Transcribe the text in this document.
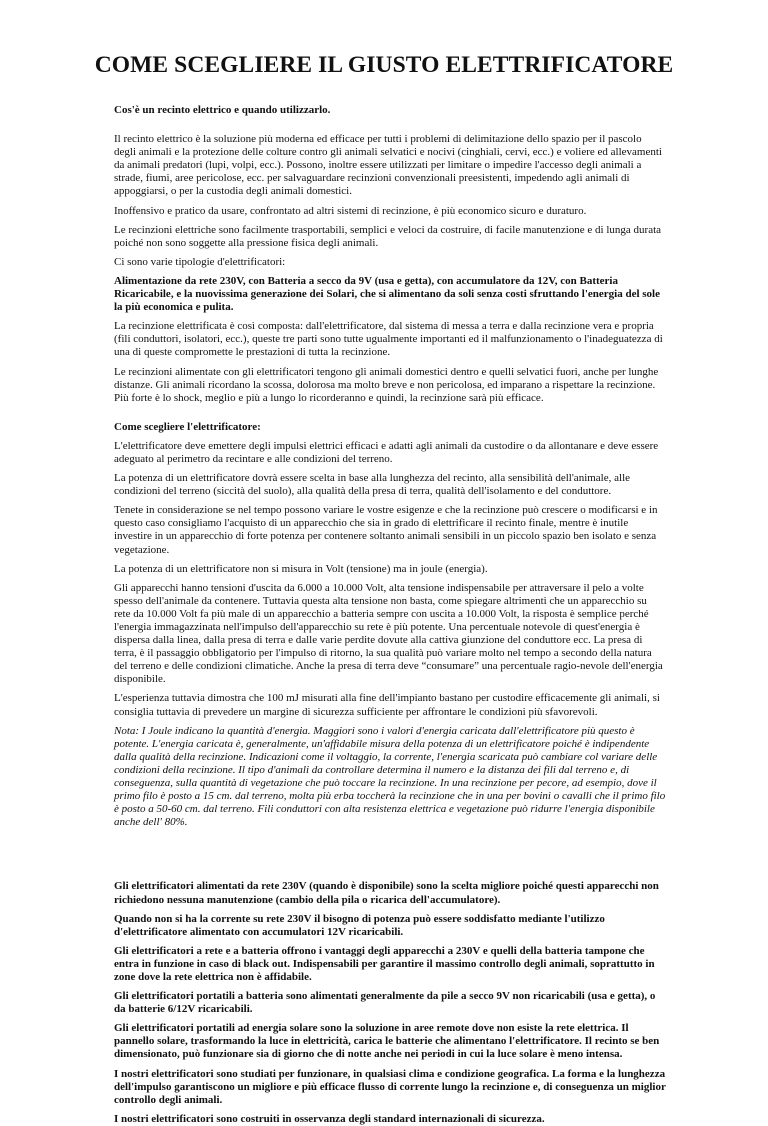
COME SCEGLIERE IL GIUSTO ELETTRIFICATORE

Cos'è un recinto elettrico e quando utilizzarlo.

Il recinto elettrico è la soluzione più moderna ed efficace per tutti i problemi di delimitazione dello spazio per il pascolo degli animali e la protezione delle colture contro gli animali selvatici e nocivi (cinghiali, cervi, ecc.) e voliere ed allevamenti da animali predatori (lupi, volpi, ecc.). Possono, inoltre essere utilizzati per limitare o impedire l'accesso degli animali a strade, fiumi, aree pericolose, ecc. per salvaguardare recinzioni convenzionali preesistenti, impedendo agli animali di appoggiarsi, o per la custodia degli animali domestici.

Inoffensivo e pratico da usare, confrontato ad altri sistemi di recinzione, è più economico sicuro e duraturo.

Le recinzioni elettriche sono facilmente trasportabili, semplici e veloci da costruire, di facile manutenzione e di lunga durata poiché non sono soggette alla pressione fisica degli animali.

Ci sono varie tipologie d'elettrificatori:

Alimentazione da rete 230V, con Batteria a secco da 9V (usa e getta), con accumulatore da 12V, con Batteria Ricaricabile, e la nuovissima generazione dei Solari, che si alimentano da soli senza costi sfruttando l'energia del sole la più economica e pulita.

La recinzione elettrificata è così composta: dall'elettrificatore, dal sistema di messa a terra e dalla recinzione vera e propria (fili conduttori, isolatori, ecc.), queste tre parti sono tutte ugualmente importanti ed il malfunzionamento o l'inadeguatezza di una di queste compromette le prestazioni di tutta la recinzione.

Le recinzioni alimentate con gli elettrificatori tengono gli animali domestici dentro e quelli selvatici fuori, anche per lunghe distanze. Gli animali ricordano la scossa, dolorosa ma molto breve e non pericolosa, ed imparano a rispettare la recinzione. Più forte è lo shock, meglio e più a lungo lo ricorderanno e quindi, la recinzione sarà più efficace.

Come scegliere l'elettrificatore:

L'elettrificatore deve emettere degli impulsi elettrici efficaci e adatti agli animali da custodire o da allontanare e deve essere adeguato al perimetro da recintare e alle condizioni del terreno.

La potenza di un elettrificatore dovrà essere scelta in base alla lunghezza del recinto, alla sensibilità dell'animale, alle condizioni del terreno (siccità del suolo), alla qualità della presa di terra, qualità dell'isolamento e del conduttore.

Tenete in considerazione se nel tempo possono variare le vostre esigenze e che la recinzione può crescere o modificarsi e in questo caso consigliamo l'acquisto di un apparecchio che sia in grado di elettrificare il recinto finale, mentre è inutile investire in un apparecchio di forte potenza per contenere soltanto animali sensibili in un piccolo spazio ben isolato e senza vegetazione.

La potenza di un elettrificatore non si misura in Volt (tensione) ma in joule (energia).

Gli apparecchi hanno tensioni d'uscita da 6.000 a 10.000 Volt, alta tensione indispensabile per attraversare il pelo a volte spesso dell'animale da contenere. Tuttavia questa alta tensione non basta, come spiegare altrimenti che un apparecchio su rete da 10.000 Volt fa più male di un apparecchio a batteria sempre con uscita a 10.000 Volt, la risposta è semplice perché l'energia immagazzinata nell'impulso dell'apparecchio su rete è più potente. Una percentuale notevole di quest'energia è dispersa dalla linea, dalla presa di terra e dalle varie perdite dovute alla cattiva giunzione del conduttore ecc. La presa di terra, è il passaggio obbligatorio per l'impulso di ritorno, la sua qualità può variare molto nel tempo a secondo della natura del terreno e delle condizioni climatiche. Anche la presa di terra deve “consumare” una percentuale ragio-nevole dell'energia disponibile.

L'esperienza tuttavia dimostra che 100 mJ misurati alla fine dell'impianto bastano per custodire efficacemente gli animali, si consiglia tuttavia di prevedere un margine di sicurezza sufficiente per affrontare le condizioni più sfavorevoli.

Nota: I Joule indicano la quantità d'energia. Maggiori sono i valori d'energia caricata dall'elettrificatore più questo è potente. L'energia caricata è, generalmente, un'affidabile misura della potenza di un elettrificatore poiché è indipendente dalla qualità della recinzione. Indicazioni come il voltaggio, la corrente, l'energia scaricata può cambiare col variare delle condizioni della recinzione. Il tipo d'animali da controllare determina il numero e la distanza dei fili dal terreno e, di conseguenza, sulla quantità di vegetazione che può toccare la recinzione. In una recinzione per pecore, ad esempio, dove il primo filo è posto a 15 cm. dal terreno, molta più erba toccherà la recinzione che in una per bovini o cavalli che il primo filo è posto a 50-60 cm. dal terreno. Fili conduttori con alta resistenza elettrica e vegetazione può ridurre l'energia disponibile anche dell' 80%.

Gli elettrificatori alimentati da rete 230V (quando è disponibile) sono la scelta migliore poiché questi apparecchi non richiedono nessuna manutenzione (cambio della pila o ricarica dell'accumulatore).

Quando non si ha la corrente su rete 230V il bisogno di potenza può essere soddisfatto mediante l'utilizzo d'elettrificatore alimentato con accumulatori 12V ricaricabili.

Gli elettrificatori a rete e a batteria offrono i vantaggi degli apparecchi a 230V e quelli della batteria tampone che entra in funzione in caso di black out. Indispensabili per garantire il massimo controllo degli animali, soprattutto in zone dove la rete elettrica non è affidabile.

Gli elettrificatori portatili a batteria sono alimentati generalmente da pile a secco 9V non ricaricabili (usa e getta), o da batterie 6/12V ricaricabili.

Gli elettrificatori portatili ad energia solare sono la soluzione in aree remote dove non esiste la rete elettrica. Il pannello solare, trasformando la luce in elettricità, carica le batterie che alimentano l'elettrificatore. Il recinto se ben dimensionato, può funzionare sia di giorno che di notte anche nei periodi in cui la luce solare è meno intensa.

I nostri elettrificatori sono studiati per funzionare, in qualsiasi clima e condizione geografica. La forma e la lunghezza dell'impulso garantiscono un migliore e più efficace flusso di corrente lungo la recinzione e, di conseguenza un miglior controllo degli animali.

I nostri elettrificatori sono costruiti in osservanza degli standard internazionali di sicurezza.
